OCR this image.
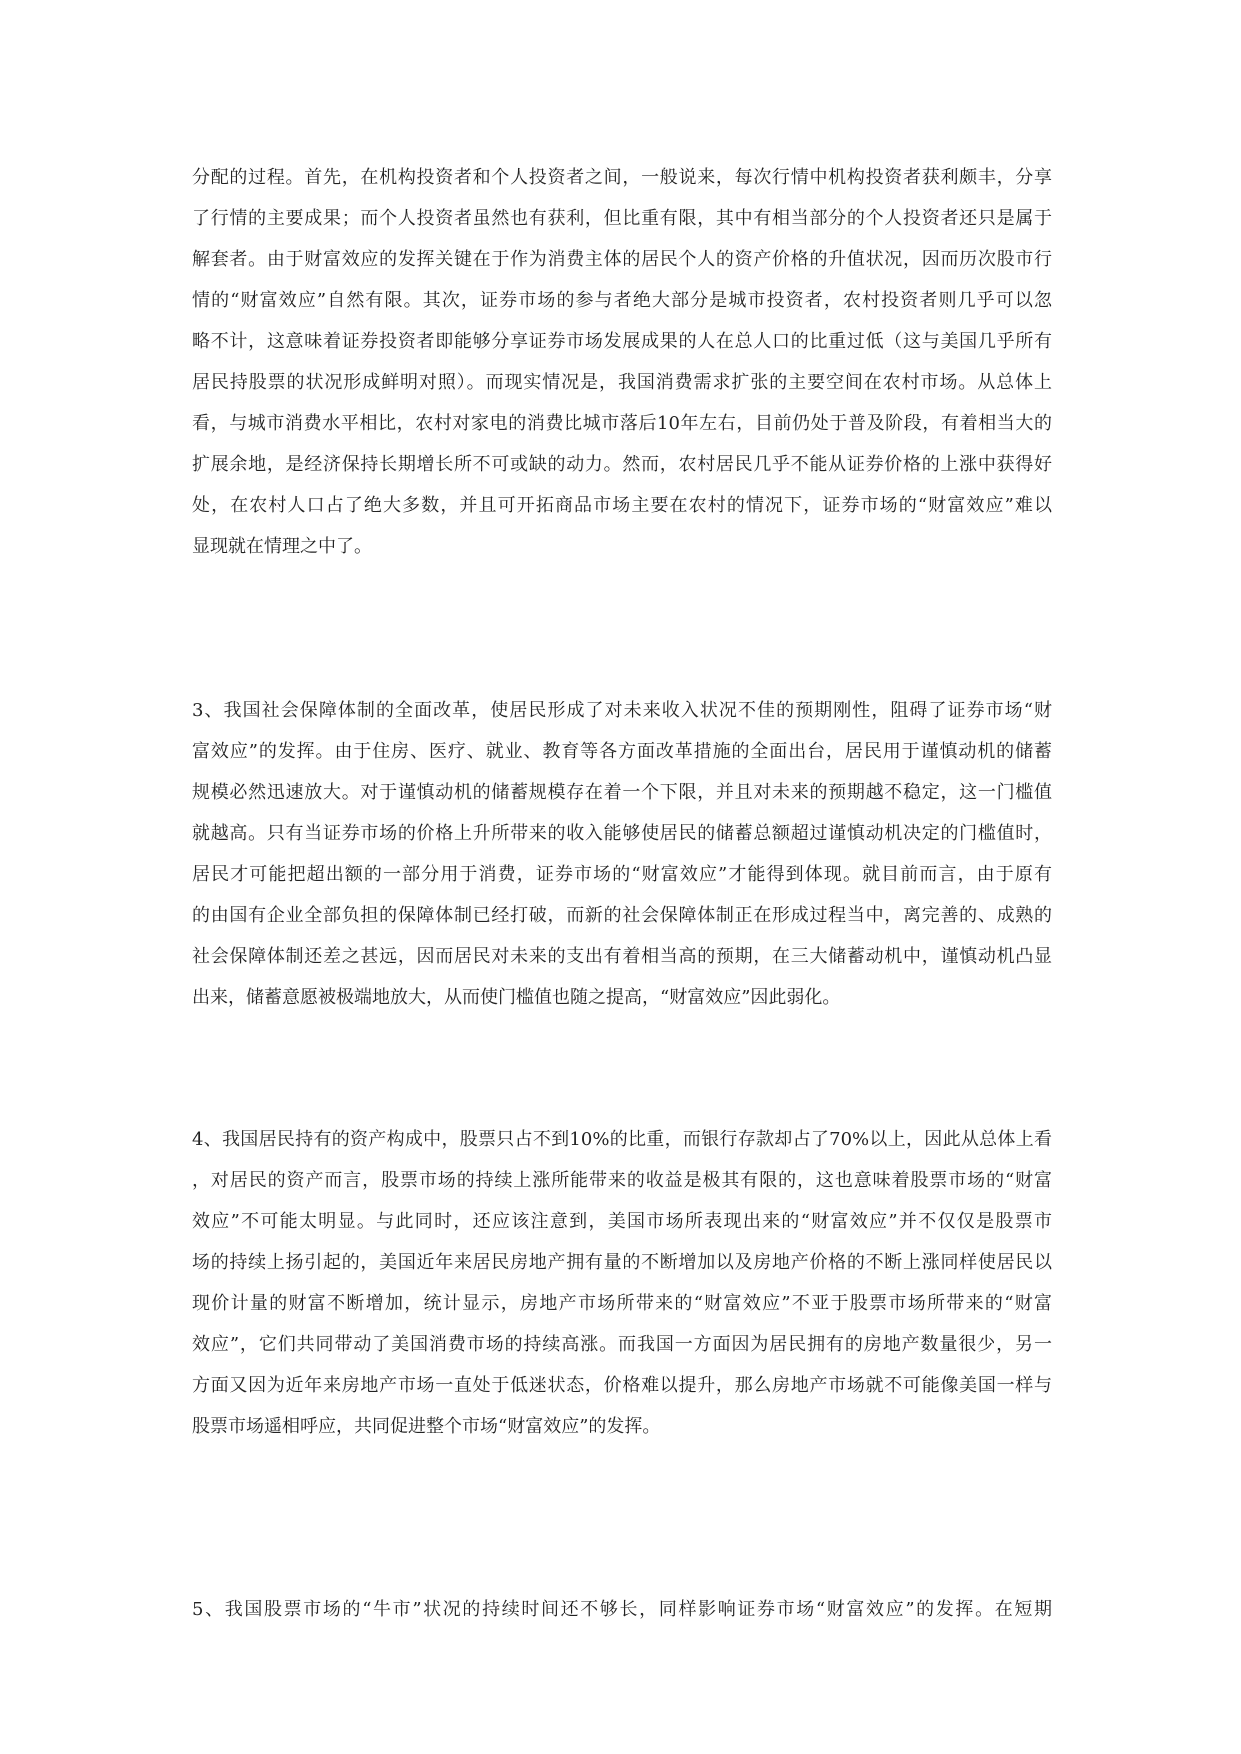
分配的过程。首先，在机构投资者和个人投资者之间，一般说来，每次行情中机构投资者获利颇丰，分享
了行情的主要成果；而个人投资者虽然也有获利，但比重有限，其中有相当部分的个人投资者还只是属于
解套者。由于财富效应的发挥关键在于作为消费主体的居民个人的资产价格的升值状况，因而历次股市行
情的“财富效应”自然有限。其次，证券市场的参与者绝大部分是城市投资者，农村投资者则几乎可以忽
略不计，这意味着证券投资者即能够分享证券市场发展成果的人在总人口的比重过低（这与美国几乎所有
居民持股票的状况形成鲜明对照）。而现实情况是，我国消费需求扩张的主要空间在农村市场。从总体上
看，与城市消费水平相比，农村对家电的消费比城市落后10年左右，目前仍处于普及阶段，有着相当大的
扩展余地，是经济保持长期增长所不可或缺的动力。然而，农村居民几乎不能从证券价格的上涨中获得好
处，在农村人口占了绝大多数，并且可开拓商品市场主要在农村的情况下，证券市场的“财富效应”难以
显现就在情理之中了。
3、我国社会保障体制的全面改革，使居民形成了对未来收入状况不佳的预期刚性，阻碍了证券市场“财
富效应”的发挥。由于住房、医疗、就业、教育等各方面改革措施的全面出台，居民用于谨慎动机的储蓄
规模必然迅速放大。对于谨慎动机的储蓄规模存在着一个下限，并且对未来的预期越不稳定，这一门槛值
就越高。只有当证券市场的价格上升所带来的收入能够使居民的储蓄总额超过谨慎动机决定的门槛值时，
居民才可能把超出额的一部分用于消费，证券市场的“财富效应”才能得到体现。就目前而言，由于原有
的由国有企业全部负担的保障体制已经打破，而新的社会保障体制正在形成过程当中，离完善的、成熟的
社会保障体制还差之甚远，因而居民对未来的支出有着相当高的预期，在三大储蓄动机中，谨慎动机凸显
出来，储蓄意愿被极端地放大，从而使门槛值也随之提高，“财富效应”因此弱化。
4、我国居民持有的资产构成中，股票只占不到10%的比重，而银行存款却占了70%以上，因此从总体上看
，对居民的资产而言，股票市场的持续上涨所能带来的收益是极其有限的，这也意味着股票市场的“财富
效应”不可能太明显。与此同时，还应该注意到，美国市场所表现出来的“财富效应”并不仅仅是股票市
场的持续上扬引起的，美国近年来居民房地产拥有量的不断增加以及房地产价格的不断上涨同样使居民以
现价计量的财富不断增加，统计显示，房地产市场所带来的“财富效应”不亚于股票市场所带来的“财富
效应”，它们共同带动了美国消费市场的持续高涨。而我国一方面因为居民拥有的房地产数量很少，另一
方面又因为近年来房地产市场一直处于低迷状态，价格难以提升，那么房地产市场就不可能像美国一样与
股票市场遥相呼应，共同促进整个市场“财富效应”的发挥。
5、我国股票市场的“牛市”状况的持续时间还不够长，同样影响证券市场“财富效应”的发挥。在短期
